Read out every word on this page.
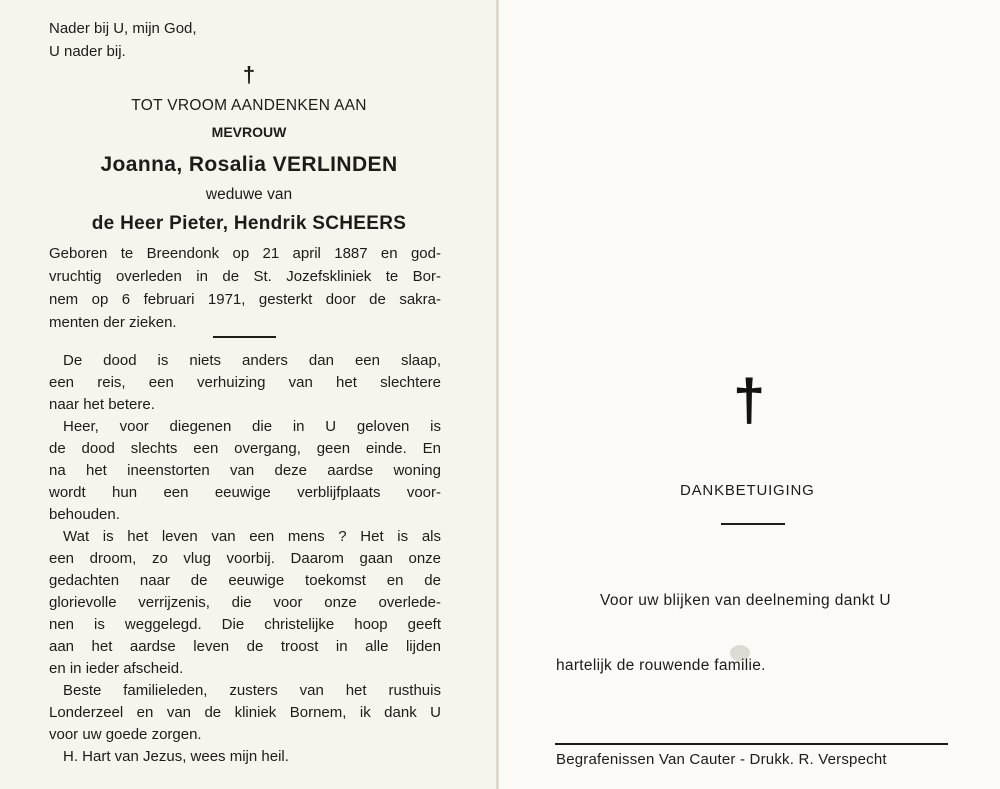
Nader bij U, mijn God,
U nader bij.
†
TOT VROOM AANDENKEN AAN
MEVROUW
Joanna, Rosalia VERLINDEN
weduwe van
de Heer Pieter, Hendrik SCHEERS
Geboren te Breendonk op 21 april 1887 en god-
vruchtig overleden in de St. Jozefskliniek te Bor-
nem op 6 februari 1971, gesterkt door de sakra-
menten der zieken.
De dood is niets anders dan een slaap,
een reis, een verhuizing van het slechtere
naar het betere.
Heer, voor diegenen die in U geloven is
de dood slechts een overgang, geen einde. En
na het ineenstorten van deze aardse woning
wordt hun een eeuwige verblijfplaats voor-
behouden.
Wat is het leven van een mens ? Het is als
een droom, zo vlug voorbij. Daarom gaan onze
gedachten naar de eeuwige toekomst en de
glorievolle verrijzenis, die voor onze overlede-
nen is weggelegd. Die christelijke hoop geeft
aan het aardse leven de troost in alle lijden
en in ieder afscheid.
Beste familieleden, zusters van het rusthuis
Londerzeel en van de kliniek Bornem, ik dank U
voor uw goede zorgen.
H. Hart van Jezus, wees mijn heil.
†
DANKBETUIGING
Voor uw blijken van deelneming dankt U
hartelijk de rouwende familie.
Begrafenissen Van Cauter - Drukk. R. Verspecht
